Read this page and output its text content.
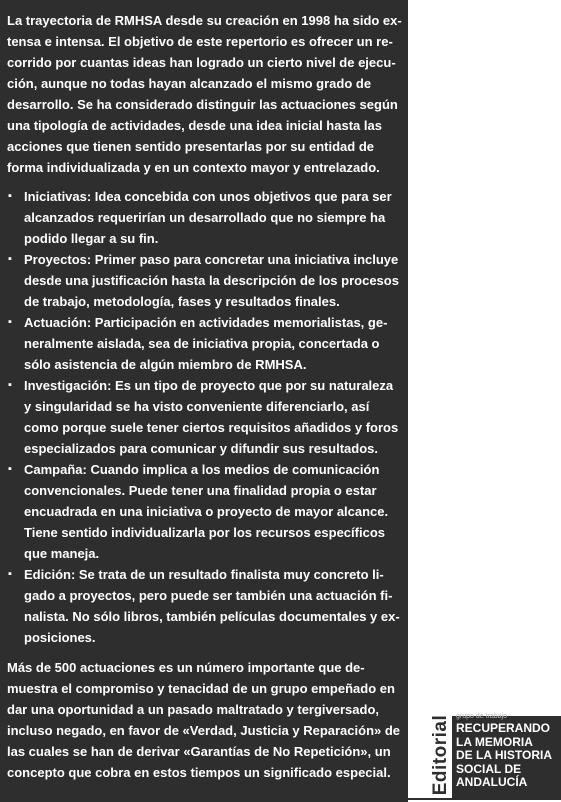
La trayectoria de RMHSA desde su creación en 1998 ha sido ex-
tensa e intensa. El objetivo de este repertorio es ofrecer un re-
corrido por cuantas ideas han logrado un cierto nivel de ejecu-
ción, aunque no todas hayan alcanzado el mismo grado de
desarrollo. Se ha considerado distinguir las actuaciones según
una tipología de actividades, desde una idea inicial hasta las
acciones que tienen sentido presentarlas por su entidad de
forma individualizada y en un contexto mayor y entrelazado.

▪ Iniciativas: Idea concebida con unos objetivos que para ser
alcanzados requerirían un desarrollado que no siempre ha
podido llegar a su fin.
▪ Proyectos: Primer paso para concretar una iniciativa incluye
desde una justificación hasta la descripción de los procesos
de trabajo, metodología, fases y resultados finales.
▪ Actuación: Participación en actividades memorialistas, ge-
neralmente aislada, sea de iniciativa propia, concertada o
sólo asistencia de algún miembro de RMHSA.
▪ Investigación: Es un tipo de proyecto que por su naturaleza
y singularidad se ha visto conveniente diferenciarlo, así
como porque suele tener ciertos requisitos añadidos y foros
especializados para comunicar y difundir sus resultados.
▪ Campaña: Cuando implica a los medios de comunicación
convencionales. Puede tener una finalidad propia o estar
encuadrada en una iniciativa o proyecto de mayor alcance.
Tiene sentido individualizarla por los recursos específicos
que maneja.
▪ Edición: Se trata de un resultado finalista muy concreto li-
gado a proyectos, pero puede ser también una actuación fi-
nalista. No sólo libros, también películas documentales y ex-
posiciones.

Más de 500 actuaciones es un número importante que de-
muestra el compromiso y tenacidad de un grupo empeñado en
dar una oportunidad a un pasado maltratado y tergiversado,
incluso negado, en favor de «Verdad, Justicia y Reparación» de
las cuales se han de derivar «Garantías de No Repetición», un
concepto que cobra en estos tiempos un significado especial.	Editorial grupo de trabajo
RECUPERANDO
LA MEMORIA
DE LA HISTORIA
SOCIAL DE
ANDALUCÍA
